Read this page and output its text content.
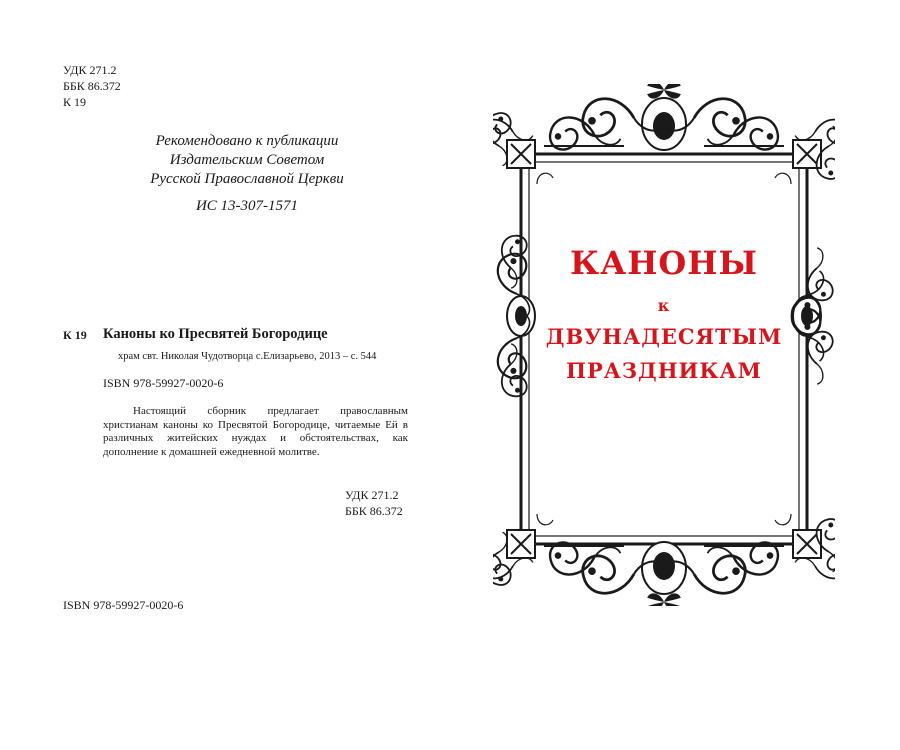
УДК 271.2
ББК 86.372
К 19
Рекомендовано к публикации
Издательским Советом
Русской Православной Церкви
ИС 13-307-1571
К 19 Каноны ко Пресвятей Богородице
храм свт. Николая Чудотворца с.Елизарьево, 2013 – с. 544
ISBN 978-59927-0020-6
Настоящий сборник предлагает православным христианам каноны ко Пресвятой Богородице, читаемые Ей в различных житейских нуждах и обстоятельствах, как дополнение к домашней ежедневной молитве.
УДК 271.2
ББК 86.372
ISBN 978-59927-0020-6
КАНОНЫ
к
ДВУНАДЕСЯТЫМ
ПРАЗДНИКАМ
